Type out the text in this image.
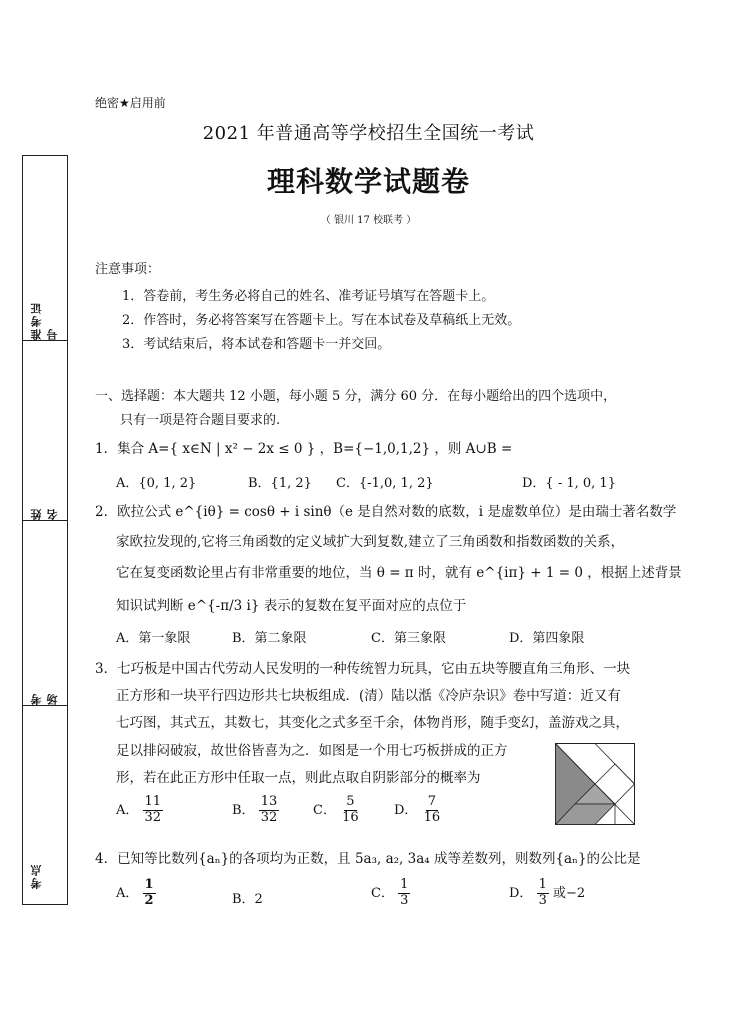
准考证号
姓名
考场
考点
绝密★启用前
2021 年普通高等学校招生全国统一考试
理科数学试题卷
（ 银川 17 校联考 ）
注意事项：
1．答卷前，考生务必将自己的姓名、准考证号填写在答题卡上。
2．作答时，务必将答案写在答题卡上。写在本试卷及草稿纸上无效。
3．考试结束后，将本试卷和答题卡一并交回。
一、选择题：本大题共 12 小题，每小题 5 分，满分 60 分．在每小题给出的四个选项中，
只有一项是符合题目要求的.
1．集合 A={ x∈N | x² − 2x ≤ 0 } ，B={−1,0,1,2} ，则 A∪B =
A．{0, 1, 2}	B．{1, 2} C．{-1,0, 1, 2}	D．{ - 1, 0, 1}
2．欧拉公式 e^{iθ} = cosθ + i sinθ（e 是自然对数的底数，i 是虚数单位）是由瑞士著名数学
家欧拉发现的,它将三角函数的定义域扩大到复数,建立了三角函数和指数函数的关系，
它在复变函数论里占有非常重要的地位，当 θ = π 时，就有 e^{iπ} + 1 = 0 ，根据上述背景
知识试判断 e^{-π/3 i} 表示的复数在复平面对应的点位于
A．第一象限	B．第二象限	C．第三象限	D．第四象限
3．七巧板是中国古代劳动人民发明的一种传统智力玩具，它由五块等腰直角三角形、一块
正方形和一块平行四边形共七块板组成．(清）陆以湉《冷庐杂识》卷中写道：近又有
七巧图，其式五，其数七，其变化之式多至千余，体物肖形，随手变幻，盖游戏之具，
足以排闷破寂，故世俗皆喜为之．如图是一个用七巧板拼成的正方
形，若在此正方形中任取一点，则此点取自阴影部分的概率为
A． $\frac{11}{32}$	B． $\frac{13}{32}$	C． $\frac{5}{16}$	D． $\frac{7}{16}$
4．已知等比数列{aₙ}的各项均为正数，且 5a₃, a₂, 3a₄ 成等差数列，则数列{aₙ}的公比是
A． $\frac{1}{2}$	B．2	C． $\frac{1}{3}$	D． $\frac{1}{3}$ 或−2
